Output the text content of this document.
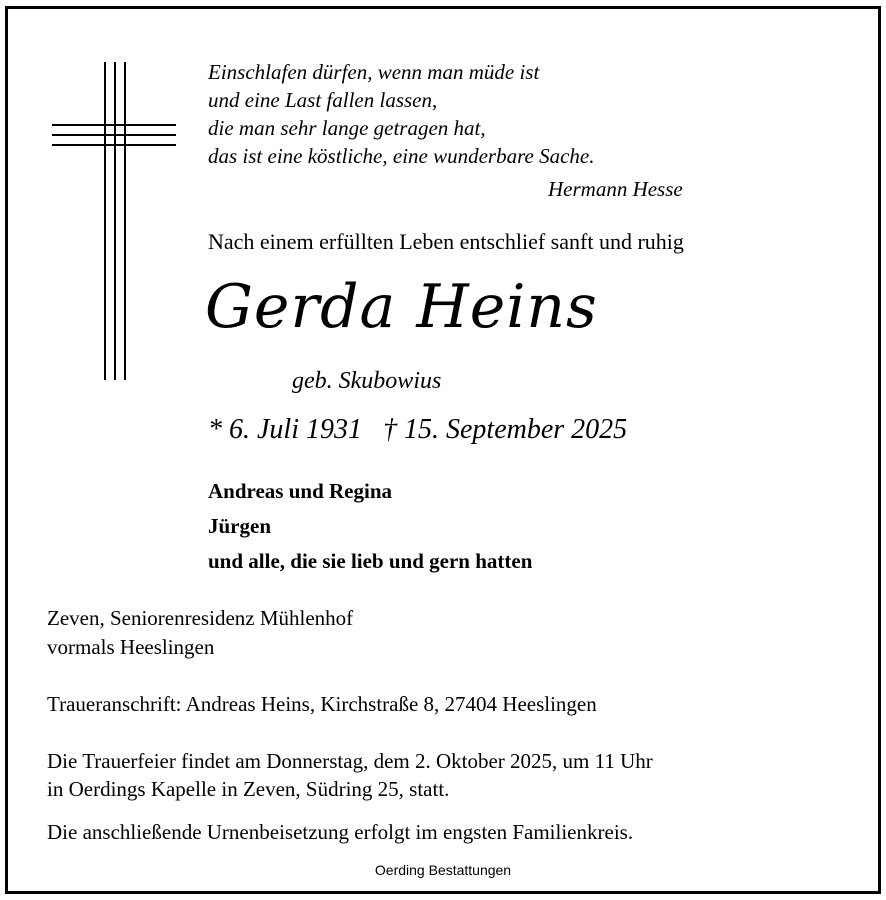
Einschlafen dürfen, wenn man müde ist
und eine Last fallen lassen,
die man sehr lange getragen hat,
das ist eine köstliche, eine wunderbare Sache.
Hermann Hesse
Nach einem erfüllten Leben entschlief sanft und ruhig
Gerda Heins
geb. Skubowius
* 6. Juli 1931 † 15. September 2025
Andreas und Regina
Jürgen
und alle, die sie lieb und gern hatten
Zeven, Seniorenresidenz Mühlenhof
vormals Heeslingen
Traueranschrift: Andreas Heins, Kirchstraße 8, 27404 Heeslingen
Die Trauerfeier findet am Donnerstag, dem 2. Oktober 2025, um 11 Uhr
in Oerdings Kapelle in Zeven, Südring 25, statt.
Die anschließende Urnenbeisetzung erfolgt im engsten Familienkreis.
Oerding Bestattungen
